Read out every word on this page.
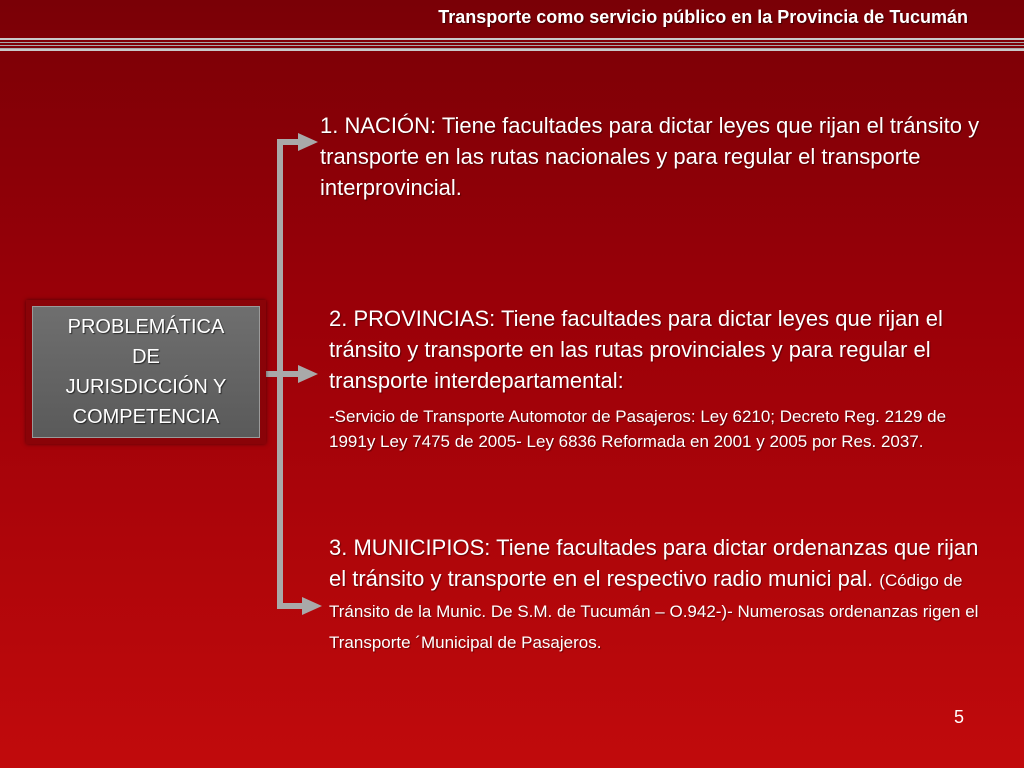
Transporte como servicio público en la Provincia de Tucumán
PROBLEMÁTICA
DE
JURISDICCIÓN Y
COMPETENCIA
1. NACIÓN: Tiene facultades para dictar leyes que rijan el tránsito y transporte en las rutas nacionales y para regular el transporte interprovincial.
2. PROVINCIAS: Tiene facultades para dictar leyes que rijan el tránsito y transporte en las rutas provinciales y para regular el transporte interdepartamental:
-Servicio de Transporte Automotor de Pasajeros: Ley 6210; Decreto Reg. 2129 de 1991y Ley 7475 de 2005- Ley 6836 Reformada en 2001 y 2005 por Res. 2037.
3. MUNICIPIOS: Tiene facultades para dictar ordenanzas que rijan el tránsito y transporte en el respectivo radio munici pal. (Código de Tránsito de la Munic. De S.M. de Tucumán – O.942-)- Numerosas ordenanzas rigen el Transporte ´Municipal de Pasajeros.
5
